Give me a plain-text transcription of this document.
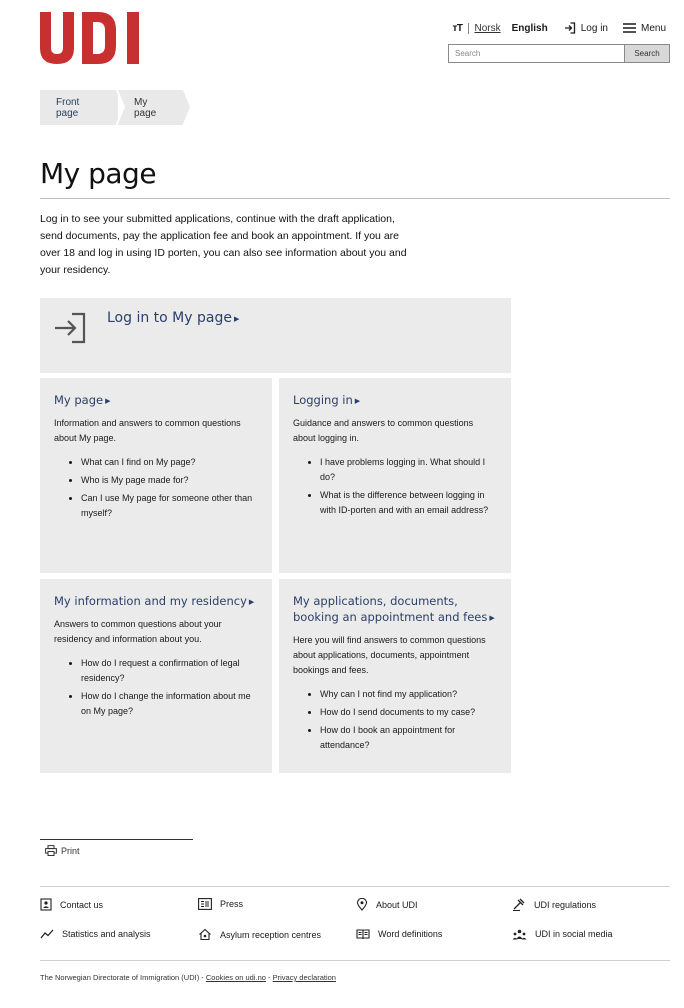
тT	Norsk English	Log in	Menu
Search
Search
Front page
My page
My page

Log in to see your submitted applications, continue with the draft application, send documents, pay the application fee and book an appointment. If you are over 18 and log in using ID porten, you can also see information about you and your residency.

Log in to My page ▶
My page ▶
Information and answers to common questions about My page.
• What can I find on My page?
• Who is My page made for?
• Can I use My page for someone other than myself?
Logging in ▶
Guidance and answers to common questions about logging in.
• I have problems logging in. What should I do?
• What is the difference between logging in with ID-porten and with an email address?
My information and my residency ▶
Answers to common questions about your residency and information about you.
• How do I request a confirmation of legal residency?
• How do I change the information about me on My page?
My applications, documents, booking an appointment and fees ▶
Here you will find answers to common questions about applications, documents, appointment bookings and fees.
• Why can I not find my application?
• How do I send documents to my case?
• How do I book an appointment for attendance?
Print
Contact us	Press	About UDI	UDI regulations
Statistics and analysis	Asylum reception centres	Word definitions	UDI in social media
The Norwegian Directorate of Immigration (UDI) - Cookies on udi.no - Privacy declaration
